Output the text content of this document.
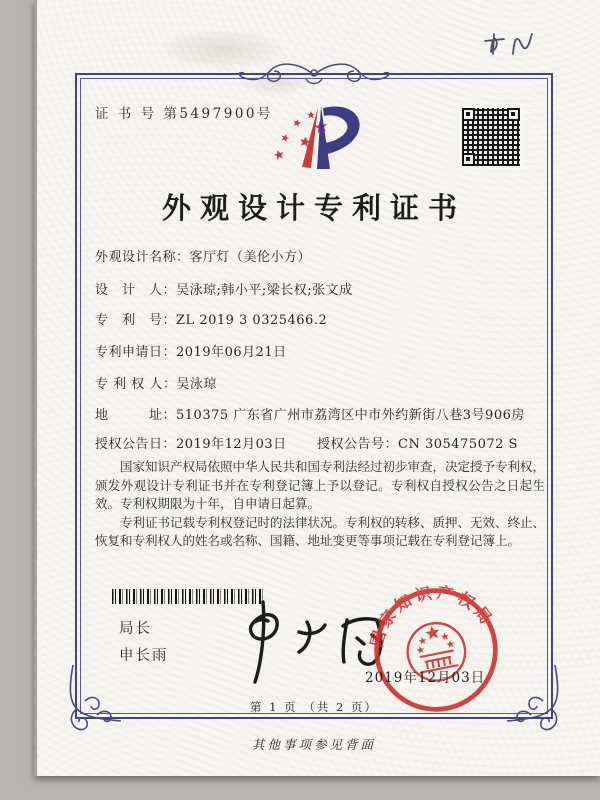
证 书 号 第5497900号
外观设计专利证书
外观设计名称：客厅灯（美伦小方）
设　计　人：吴泳琼;韩小平;梁长权;张文成
专　利　号：ZL 2019 3 0325466.2
专利申请日：2019年06月21日
专 利 权 人：吴泳琼
地　　　址：510375 广东省广州市荔湾区中市外约新街八巷3号906房
授权公告日：2019年12月03日 授权公告号：CN 305475072 S

国家知识产权局依照中华人民共和国专利法经过初步审查，决定授予专利权，颁发外观设计专利证书并在专利登记簿上予以登记。专利权自授权公告之日起生效。专利权期限为十年，自申请日起算。

专利证书记载专利权登记时的法律状况。专利权的转移、质押、无效、终止、恢复和专利权人的姓名或名称、国籍、地址变更等事项记载在专利登记簿上。

局长
申长雨
国家知识产权局
2019年12月03日
第 1 页 （共 2 页）
其他事项参见背面
